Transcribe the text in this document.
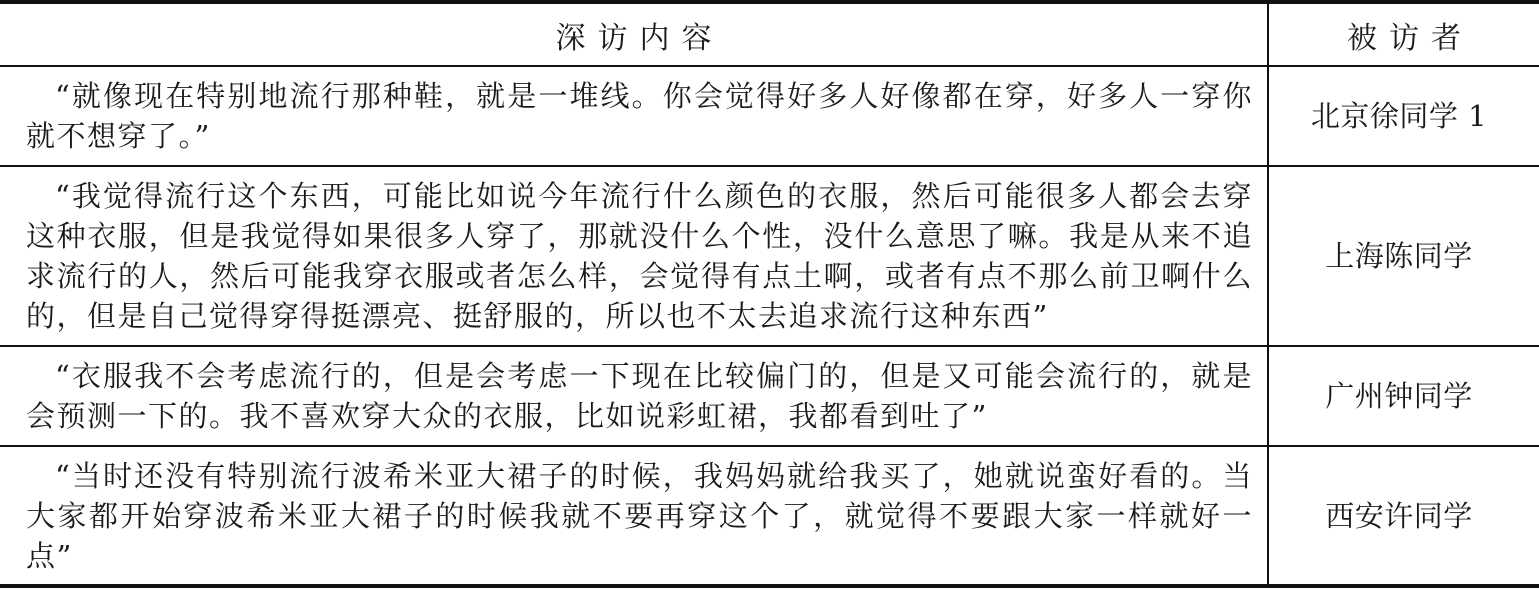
深访内容	被访者
“就像现在特别地流行那种鞋，就是一堆线。你会觉得好多人好像都在穿，好多人一穿你就不想穿了。”	北京徐同学 1
“我觉得流行这个东西，可能比如说今年流行什么颜色的衣服，然后可能很多人都会去穿这种衣服，但是我觉得如果很多人穿了，那就没什么个性，没什么意思了嘛。我是从来不追求流行的人，然后可能我穿衣服或者怎么样，会觉得有点土啊，或者有点不那么前卫啊什么的，但是自己觉得穿得挺漂亮、挺舒服的，所以也不太去追求流行这种东西”	上海陈同学
“衣服我不会考虑流行的，但是会考虑一下现在比较偏门的，但是又可能会流行的，就是会预测一下的。我不喜欢穿大众的衣服，比如说彩虹裙，我都看到吐了”	广州钟同学
“当时还没有特别流行波希米亚大裙子的时候，我妈妈就给我买了，她就说蛮好看的。当大家都开始穿波希米亚大裙子的时候我就不要再穿这个了，就觉得不要跟大家一样就好一点”	西安许同学
